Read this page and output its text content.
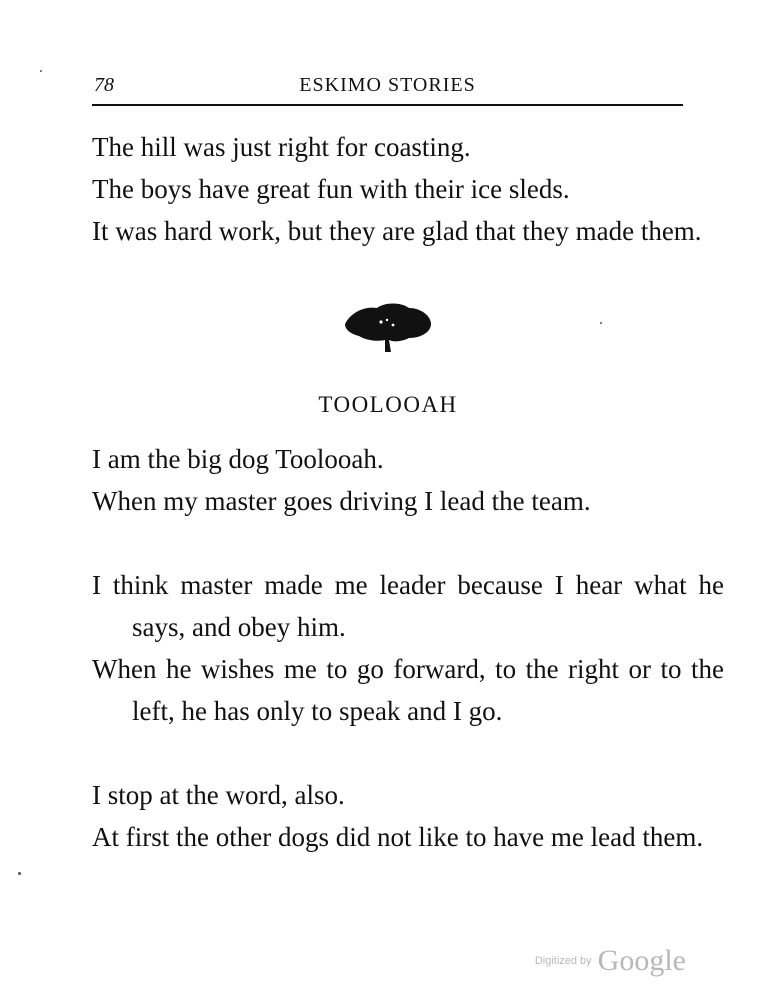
78	ESKIMO STORIES

The hill was just right for coasting.

The boys have great fun with their ice sleds.

It was hard work, but they are glad that they made them.

TOOLOOAH

I am the big dog Toolooah.

When my master goes driving I lead the team.

I think master made me leader because I hear what he says, and obey him.

When he wishes me to go forward, to the right or to the left, he has only to speak and I go.

I stop at the word, also.

At first the other dogs did not like to have me lead them.

Digitized by Google
